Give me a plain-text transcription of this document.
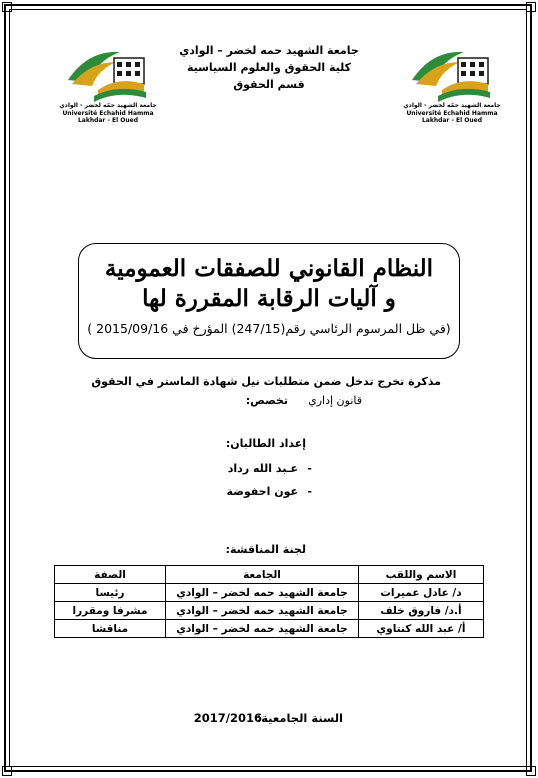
جامعة الشهيد حمّه لخضر - الوادي
Université Echahid Hamma Lakhdar - El Oued
جامعة الشهيد حمّه لخضر - الوادي
Université Echahid Hamma Lakhdar - El Oued
جامعة الشهيد حمه لخضر – الوادي
كلية الحقوق والعلوم السياسية
قسم الحقوق
النظام القانوني للصفقات العمومية
و آليات الرقابة المقررة لها
(في ظل المرسوم الرئاسي رقم(247/15) المؤرخ في 2015/09/16 )
مذكرة تخرج تدخل ضمن متطلبات نيل شهادة الماستر في الحقوق
تخصص: قانون إداري
إعداد الطالبان:
-
عـبد الله رداد
-
عون احفوضة
لجنة المناقشة:
الاسم واللقب	الجامعة	الصفة
د/ عادل عميرات	جامعة الشهيد حمه لخضر – الوادي	رئيسا
أ.د/ فاروق خلف	جامعة الشهيد حمه لخضر – الوادي	مشرفا ومقررا
أ/ عبد الله كنتاوي	جامعة الشهيد حمه لخضر – الوادي	مناقشا
السنة الجامعية:
2017/2016
